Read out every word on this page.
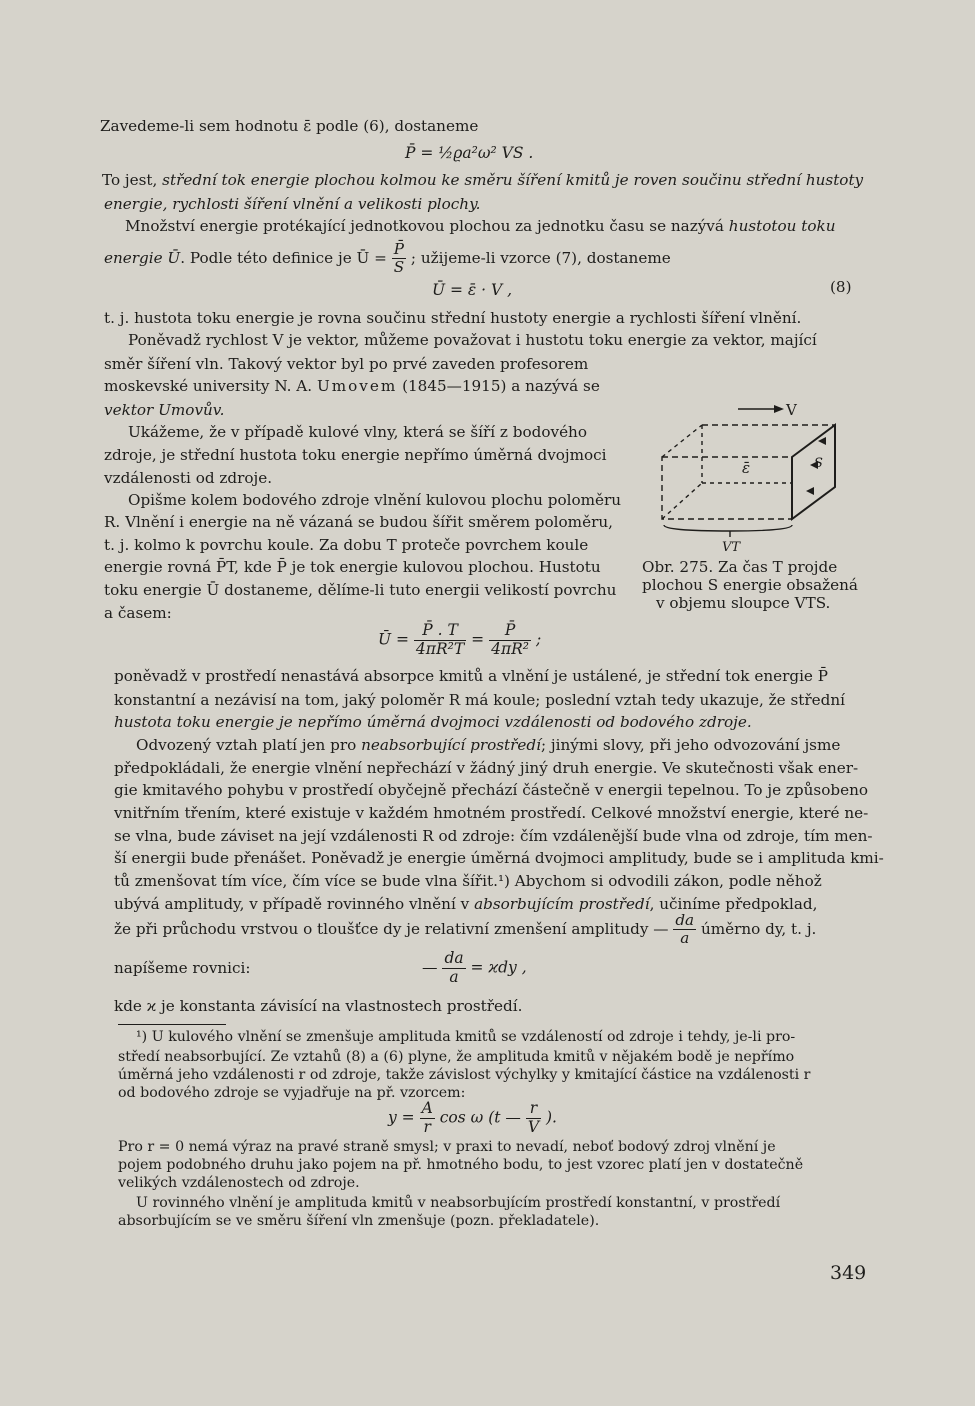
Zavedeme-li sem hodnotu ε̄ podle (6), dostaneme
P̄ = ½ϱa²ω² VS .
To jest, střední tok energie plochou kolmou ke směru šíření kmitů je roven součinu střední hustoty
energie, rychlosti šíření vlnění a velikosti plochy.
Množství energie protékající jednotkovou plochou za jednotku času se nazývá hustotou toku
energie Ū. Podle této definice je Ū = $\frac{P̄}{S}$ ; užijeme-li vzorce (7), dostaneme
Ū = ε̄ · V ,	(8)
t. j. hustota toku energie je rovna součinu střední hustoty energie a rychlosti šíření vlnění.
Poněvadž rychlost V je vektor, můžeme považovat i hustotu toku energie za vektor, mající
směr šíření vln. Takový vektor byl po prvé zaveden profesorem
moskevské university N. A. Umovem (1845—1915) a nazývá se
vektor Umovův.
Ukážeme, že v případě kulové vlny, která se šíří z bodového
zdroje, je střední hustota toku energie nepřímo úměrná dvojmoci
vzdálenosti od zdroje.
Opišme kolem bodového zdroje vlnění kulovou plochu poloměru
R. Vlnění i energie na ně vázaná se budou šířit směrem poloměru,
t. j. kolmo k povrchu koule. Za dobu T proteče povrchem koule
energie rovná P̄T, kde P̄ je tok energie kulovou plochou. Hustotu
toku energie Ū dostaneme, dělíme-li tuto energii velikostí povrchu
a časem:
V
ε̄	S
VT
Obr. 275. Za čas T projde
plochou S energie obsažená
v objemu sloupce VTS.
Ū = $\frac{P̄ . T}{\text{4πR²T}} = \frac{P̄}{\text{4πR²}}$ ;
poněvadž v prostředí nenastává absorpce kmitů a vlnění je ustálené, je střední tok energie P̄
konstantní a nezávisí na tom, jaký poloměr R má koule; poslední vztah tedy ukazuje, že střední
hustota toku energie je nepřímo úměrná dvojmoci vzdálenosti od bodového zdroje.
Odvozený vztah platí jen pro neabsorbující prostředí; jinými slovy, při jeho odvozování jsme
předpokládali, že energie vlnění nepřechází v žádný jiný druh energie. Ve skutečnosti však ener-
gie kmitavého pohybu v prostředí obyčejně přechází částečně v energii tepelnou. To je způsobeno
vnitřním třením, které existuje v každém hmotném prostředí. Celkové množství energie, které ne-
se vlna, bude záviset na její vzdálenosti R od zdroje: čím vzdálenější bude vlna od zdroje, tím men-
ší energii bude přenášet. Poněvadž je energie úměrná dvojmoci amplitudy, bude se i amplituda kmi-
tů zmenšovat tím více, čím více se bude vlna šířit.¹) Abychom si odvodili zákon, podle něhož
ubývá amplitudy, v případě rovinného vlnění v absorbujícím prostředí, učiníme předpoklad,
že při průchodu vrstvou o tloušťce dy je relativní zmenšení amplitudy — $\frac{da}{a}$ úměrno dy, t. j.
napíšeme rovnici:	— $\frac{da}{a} = ϰdy$ ,
kde ϰ je konstanta závisící na vlastnostech prostředí.
¹) U kulového vlnění se zmenšuje amplituda kmitů se vzdáleností od zdroje i tehdy, je-li pro-
středí neabsorbující. Ze vztahů (8) a (6) plyne, že amplituda kmitů v nějakém bodě je nepřímo
úměrná jeho vzdálenosti r od zdroje, takže závislost výchylky y kmitající částice na vzdálenosti r
od bodového zdroje se vyjadřuje na př. vzorcem:
$y = \frac{A}{r}$ cos ω (t — $\frac{r}{V}$ ).
Pro r = 0 nemá výraz na pravé straně smysl; v praxi to nevadí, neboť bodový zdroj vlnění je
pojem podobného druhu jako pojem na př. hmotného bodu, to jest vzorec platí jen v dostatečně
velikých vzdálenostech od zdroje.
U rovinného vlnění je amplituda kmitů v neabsorbujícím prostředí konstantní, v prostředí
absorbujícím se ve směru šíření vln zmenšuje (pozn. překladatele).
349
